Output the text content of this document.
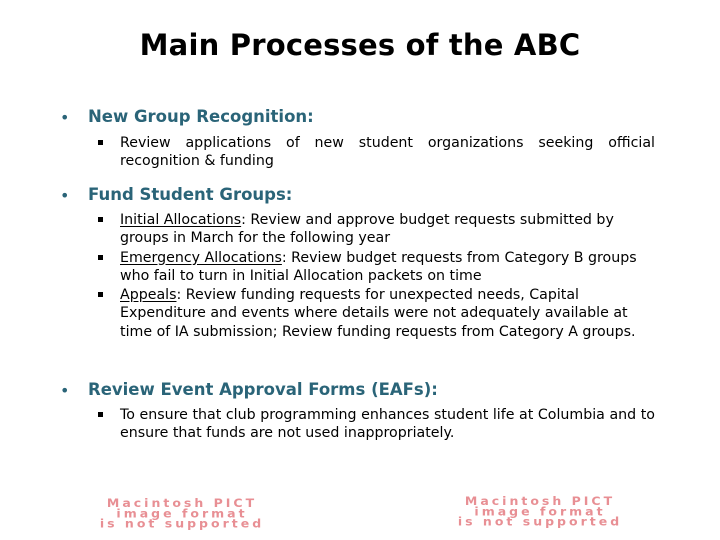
Main Processes of the ABC
• New Group Recognition:
Review applications of new student organizations seeking official recognition & funding
• Fund Student Groups:
Initial Allocations: Review and approve budget requests submitted by groups in March for the following year
Emergency Allocations: Review budget requests from Category B groups who fail to turn in Initial Allocation packets on time
Appeals: Review funding requests for unexpected needs, Capital Expenditure and events where details were not adequately available at time of IA submission; Review funding requests from Category A groups.
• Review Event Approval Forms (EAFs):
To ensure that club programming enhances student life at Columbia and to ensure that funds are not used inappropriately.
Macintosh PICT
image format
is not supported
Macintosh PICT
image format
is not supported
